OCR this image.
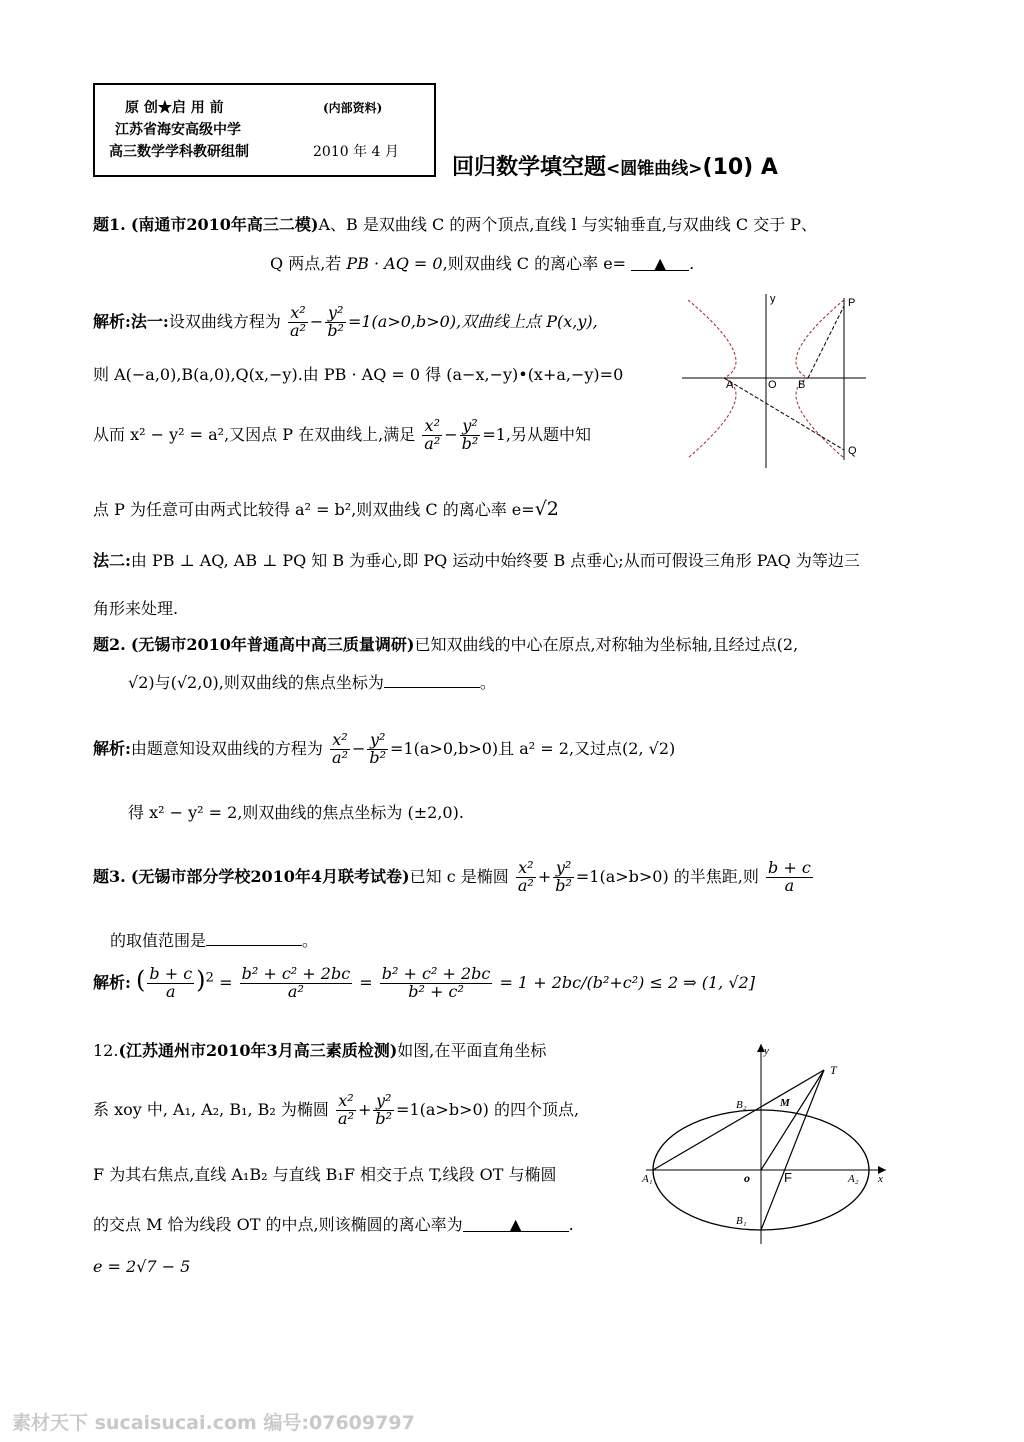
原 创★启 用 前	(内部资料)
江苏省海安高级中学
高三数学学科教研组制	2010 年 4 月
回归数学填空题<圆锥曲线>(10) A
题1. (南通市2010年高三二模)A、B 是双曲线 C 的两个顶点,直线 l 与实轴垂直,与双曲线 C 交于 P、
Q 两点,若 PB · AQ = 0,则双曲线 C 的离心率 e= ▲ .
解析:法一:设双曲线方程为 $\frac{\text{x²}}{\text{a²}} - \frac{\text{y²}}{\text{b²}} =1(a>0,b>0)$,双曲线上点 P(x,y),
则 A(−a,0),B(a,0),Q(x,−y).由 PB · AQ = 0 得 (a−x,−y)•(x+a,−y)=0
从而 x² − y² = a²,又因点 P 在双曲线上,满足 $\frac{\text{x²}}{\text{a²}} - \frac{\text{y²}}{\text{b²}} =1$,另从题中知
点 P 为任意可由两式比较得 a² = b²,则双曲线 C 的离心率 e=√2
法二:由 PB ⊥ AQ, AB ⊥ PQ 知 B 为垂心,即 PQ 运动中始终要 B 点垂心;从而可假设三角形 PAQ 为等边三
角形来处理.
P
A	O B
Q
y
题2. (无锡市2010年普通高中高三质量调研)已知双曲线的中心在原点,对称轴为坐标轴,且经过点(2,
√2)与(√2,0),则双曲线的焦点坐标为	。
解析:由题意知设双曲线的方程为 $\frac{\text{x²}}{\text{a²}} - \frac{\text{y²}}{\text{b²}} =1(a>0,b>0)$且 a² = 2,又过点(2, √2)
得 x² − y² = 2,则双曲线的焦点坐标为 (±2,0).
题3. (无锡市部分学校2010年4月联考试卷)已知 c 是椭圆 $\frac{\text{x²}}{\text{a²}} + \frac{\text{y²}}{\text{b²}} =1(a>b>0)$ 的半焦距,则 $\frac{b + c}{a}$
的取值范围是	。
解析: ( $\frac{b + c}{a} )^2 = \frac{\text{b² + c² + 2bc}}{\text{a²}} = \frac{\text{b² + c² + 2bc}}{\text{b² + c²}} = 1 + 2bc/(b^2+c^2) \le 2$ ⇒ (1, √2]
12.(江苏通州市2010年3月高三素质检测)如图,在平面直角坐标
系 xoy 中, A₁, A₂, B₁, B₂ 为椭圆 $\frac{\text{x²}}{\text{a²}} + \frac{\text{y²}}{\text{b²}} =1(a>b>0)$ 的四个顶点,
F 为其右焦点,直线 A₁B₂ 与直线 B₁F 相交于点 T,线段 OT 与椭圆
的交点 M 恰为线段 OT 的中点,则该椭圆的离心率为	▲	.
e = 2√7 − 5
y
T
B₂	M
A₁	o	F	A₂ x
B₁
素材天下 sucaisucai.com 编号:07609797
